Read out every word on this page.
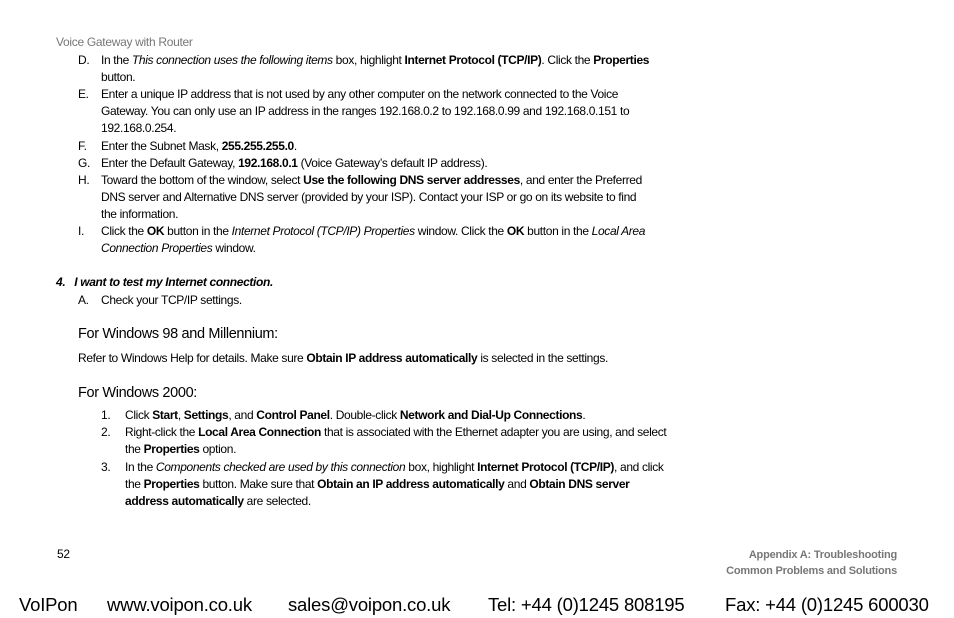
Voice Gateway with Router
D. In the This connection uses the following items box, highlight Internet Protocol (TCP/IP). Click the Properties button.
E. Enter a unique IP address that is not used by any other computer on the network connected to the Voice Gateway. You can only use an IP address in the ranges 192.168.0.2 to 192.168.0.99 and 192.168.0.151 to 192.168.0.254.
F. Enter the Subnet Mask, 255.255.255.0.
G. Enter the Default Gateway, 192.168.0.1 (Voice Gateway’s default IP address).
H. Toward the bottom of the window, select Use the following DNS server addresses, and enter the Preferred DNS server and Alternative DNS server (provided by your ISP). Contact your ISP or go on its website to find the information.
I. Click the OK button in the Internet Protocol (TCP/IP) Properties window. Click the OK button in the Local Area Connection Properties window.
4.   I want to test my Internet connection.
A. Check your TCP/IP settings.
For Windows 98 and Millennium:
Refer to Windows Help for details. Make sure Obtain IP address automatically is selected in the settings.
For Windows 2000:
1. Click Start, Settings, and Control Panel. Double-click Network and Dial-Up Connections.
2. Right-click the Local Area Connection that is associated with the Ethernet adapter you are using, and select the Properties option.
3. In the Components checked are used by this connection box, highlight Internet Protocol (TCP/IP), and click the Properties button. Make sure that Obtain an IP address automatically and Obtain DNS server address automatically are selected.
52	Appendix A: Troubleshooting
Common Problems and Solutions
VoIPon www.voipon.co.uk sales@voipon.co.uk Tel: +44 (0)1245 808195 Fax: +44 (0)1245 600030
